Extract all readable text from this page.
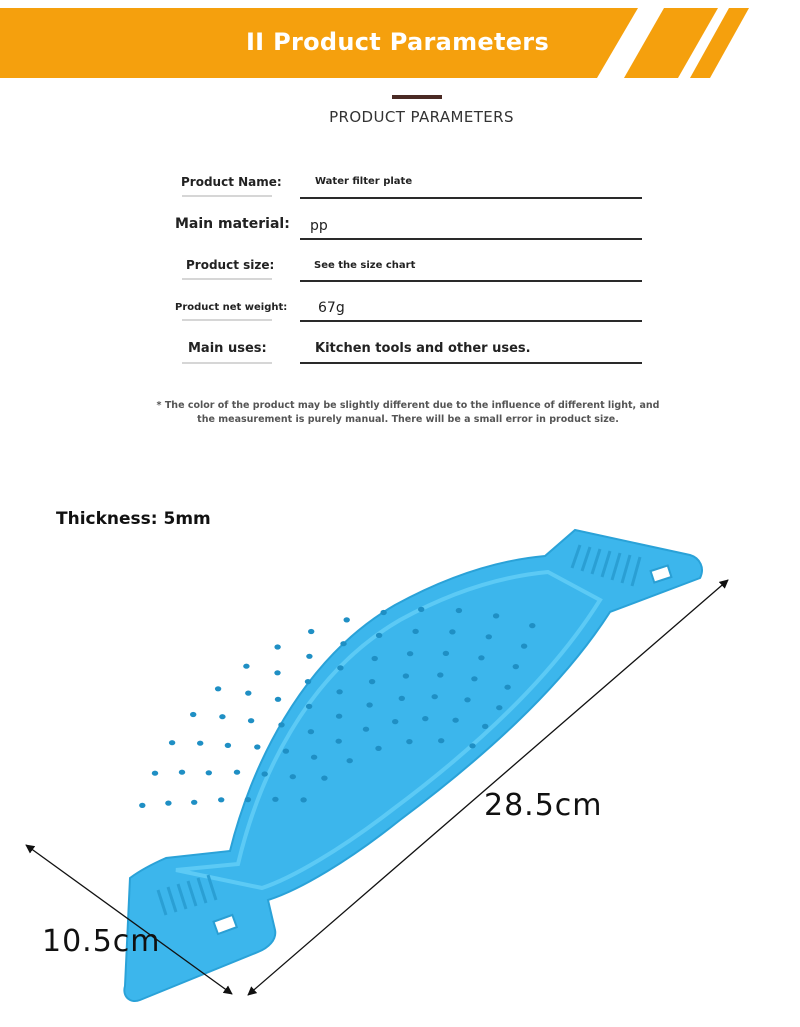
II Product Parameters
PRODUCT PARAMETERS
Product Name:	Water filter plate
Main material: pp
Product size:	See the size chart
Product net weight: 67g
Main uses:	Kitchen tools and other uses.
* The color of the product may be slightly different due to the influence of different light, and the measurement is purely manual. There will be a small error in product size.
Thickness: 5mm
28.5cm
10.5cm
